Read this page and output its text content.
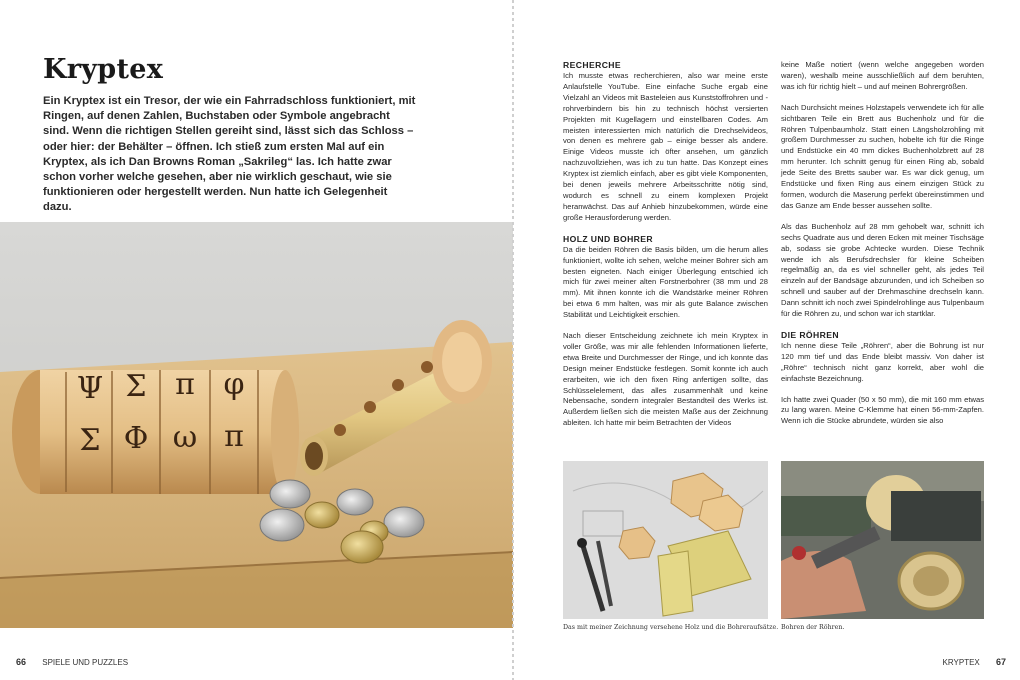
Kryptex

Ein Kryptex ist ein Tresor, der wie ein Fahrradschloss funktioniert, mit Ringen, auf denen Zahlen, Buchstaben oder Symbole angebracht sind. Wenn die richtigen Stellen gereiht sind, lässt sich das Schloss – oder hier: der Behälter – öffnen. Ich stieß zum ersten Mal auf ein Kryptex, als ich Dan Browns Roman „Sakrileg“ las. Ich hatte zwar schon vorher welche gesehen, aber nie wirklich geschaut, wie sie funktionieren oder hergestellt werden. Nun hatte ich Gelegenheit dazu.

Ψ Σ π φ
Σ Φ ω π
66 SPIELE UND PUZZLES
RECHERCHE

Ich musste etwas recherchieren, also war meine erste Anlaufstelle YouTube. Eine einfache Suche ergab eine Vielzahl an Videos mit Basteleien aus Kunststoffrohren und -rohrverbindern bis hin zu technisch höchst versierten Projekten mit Kugellagern und einstellbaren Codes. Am meisten interessierten mich natürlich die Drechselvideos, von denen es mehrere gab – einige besser als andere. Einige Videos musste ich öfter ansehen, um gänzlich nachzuvollziehen, was ich zu tun hatte. Das Konzept eines Kryptex ist ziemlich einfach, aber es gibt viele Komponenten, bei denen jeweils mehrere Arbeitsschritte nötig sind, wodurch es schnell zu einem komplexen Projekt heranwächst. Das auf Anhieb hinzubekommen, würde eine große Herausforderung werden.

HOLZ UND BOHRER

Da die beiden Röhren die Basis bilden, um die herum alles funktioniert, wollte ich sehen, welche meiner Bohrer sich am besten eigneten. Nach einiger Überlegung entschied ich mich für zwei meiner alten Forstnerbohrer (38 mm und 28 mm). Mit ihnen konnte ich die Wandstärke meiner Röhren bei etwa 6 mm halten, was mir als gute Balance zwischen Stabilität und Leichtigkeit erschien.

Nach dieser Entscheidung zeichnete ich mein Kryptex in voller Größe, was mir alle fehlenden Informationen lieferte, etwa Breite und Durchmesser der Ringe, und ich konnte das Design meiner Endstücke festlegen. Somit konnte ich auch erarbeiten, wie ich den fixen Ring anfertigen sollte, das Schlüsselelement, das alles zusammenhält und keine Nebensache, sondern integraler Bestandteil des Werks ist. Außerdem ließen sich die meisten Maße aus der Zeichnung ableiten. Ich hatte mir beim Betrachten der Videos

keine Maße notiert (wenn welche angegeben worden waren), weshalb meine ausschließlich auf dem beruhten, was ich für richtig hielt – und auf meinen Bohrergrößen.

Nach Durchsicht meines Holzstapels verwendete ich für alle sichtbaren Teile ein Brett aus Buchenholz und für die Röhren Tulpenbaumholz. Statt einen Längsholzrohling mit großem Durchmesser zu suchen, hobelte ich für die Ringe und Endstücke ein 40 mm dickes Buchenholzbrett auf 28 mm herunter. Ich schnitt genug für einen Ring ab, sobald jede Seite des Bretts sauber war. Es war dick genug, um Endstücke und fixen Ring aus einem einzigen Stück zu formen, wodurch die Maserung perfekt übereinstimmen und das Ganze am Ende besser aussehen sollte.

Als das Buchenholz auf 28 mm gehobelt war, schnitt ich sechs Quadrate aus und deren Ecken mit meiner Tischsäge ab, sodass sie grobe Achtecke wurden. Diese Technik wende ich als Berufsdrechsler für kleine Scheiben regelmäßig an, da es viel schneller geht, als jedes Teil einzeln auf der Bandsäge abzurunden, und ich Scheiben so schnell und sauber auf der Drehmaschine drechseln kann. Dann schnitt ich noch zwei Spindelrohlinge aus Tulpenbaum für die Röhren zu, und schon war ich startklar.

DIE RÖHREN

Ich nenne diese Teile „Röhren“, aber die Bohrung ist nur 120 mm tief und das Ende bleibt massiv. Von daher ist „Röhre“ technisch nicht ganz korrekt, aber wohl die einfachste Bezeichnung.

Ich hatte zwei Quader (50 x 50 mm), die mit 160 mm etwas zu lang waren. Meine C-Klemme hat einen 56-mm-Zapfen. Wenn ich die Stücke abrundete, würden sie also

Das mit meiner Zeichnung versehene Holz und die Bohreraufsätze. Bohren der Röhren.
KRYPTEX 67
